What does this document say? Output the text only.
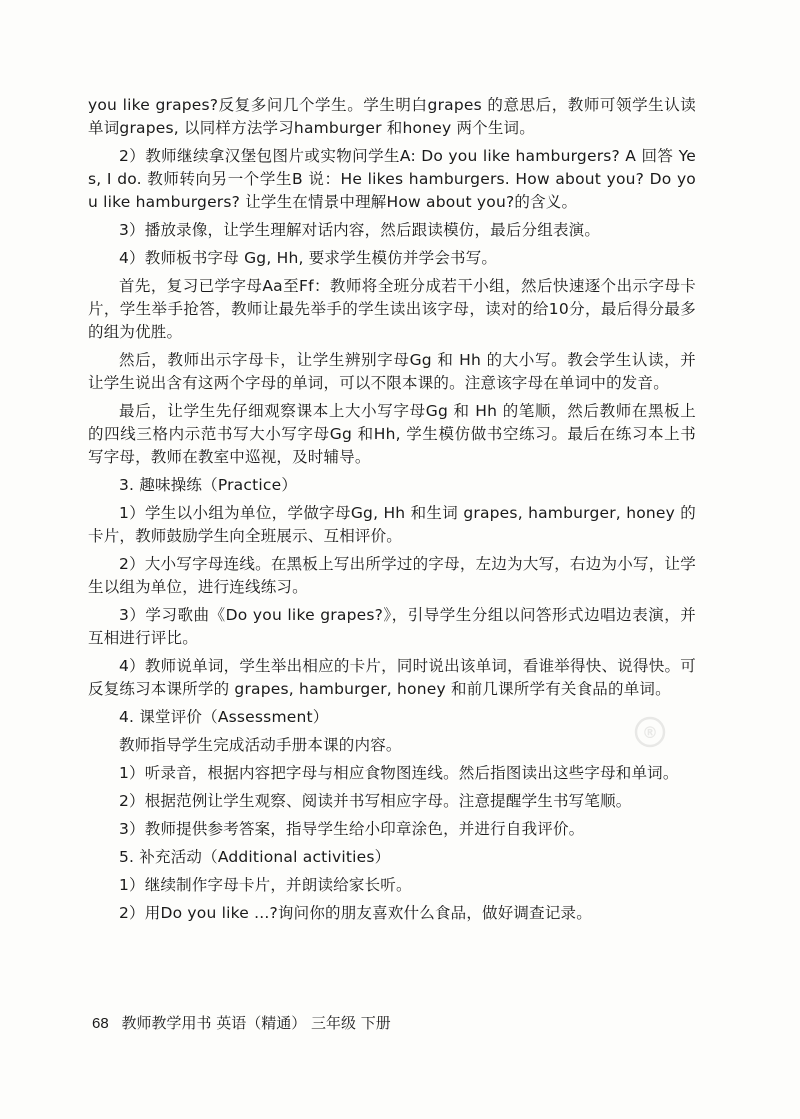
®

you like grapes?反复多问几个学生。学生明白grapes 的意思后，教师可领学生认读单词grapes, 以同样方法学习hamburger 和honey 两个生词。

2）教师继续拿汉堡包图片或实物问学生A: Do you like hamburgers? A 回答 Yes, I do. 教师转向另一个学生B 说：He likes hamburgers. How about you? Do you like hamburgers? 让学生在情景中理解How about you?的含义。

3）播放录像，让学生理解对话内容，然后跟读模仿，最后分组表演。

4）教师板书字母 Gg, Hh, 要求学生模仿并学会书写。

首先，复习已学字母Aa至Ff：教师将全班分成若干小组，然后快速逐个出示字母卡片，学生举手抢答，教师让最先举手的学生读出该字母，读对的给10分，最后得分最多的组为优胜。

然后，教师出示字母卡，让学生辨别字母Gg 和 Hh 的大小写。教会学生认读，并让学生说出含有这两个字母的单词，可以不限本课的。注意该字母在单词中的发音。

最后，让学生先仔细观察课本上大小写字母Gg 和 Hh 的笔顺，然后教师在黑板上的四线三格内示范书写大小写字母Gg 和Hh, 学生模仿做书空练习。最后在练习本上书写字母，教师在教室中巡视，及时辅导。

3. 趣味操练（Practice）

1）学生以小组为单位，学做字母Gg, Hh 和生词 grapes, hamburger, honey 的卡片，教师鼓励学生向全班展示、互相评价。

2）大小写字母连线。在黑板上写出所学过的字母，左边为大写，右边为小写，让学生以组为单位，进行连线练习。

3）学习歌曲《Do you like grapes?》，引导学生分组以问答形式边唱边表演，并互相进行评比。

4）教师说单词，学生举出相应的卡片，同时说出该单词，看谁举得快、说得快。可反复练习本课所学的 grapes, hamburger, honey 和前几课所学有关食品的单词。

4. 课堂评价（Assessment）

教师指导学生完成活动手册本课的内容。

1）听录音，根据内容把字母与相应食物图连线。然后指图读出这些字母和单词。

2）根据范例让学生观察、阅读并书写相应字母。注意提醒学生书写笔顺。

3）教师提供参考答案，指导学生给小印章涂色，并进行自我评价。

5. 补充活动（Additional activities）

1）继续制作字母卡片，并朗读给家长听。

2）用Do you like ...?询问你的朋友喜欢什么食品，做好调查记录。

68 教师教学用书 英语（精通） 三年级 下册
